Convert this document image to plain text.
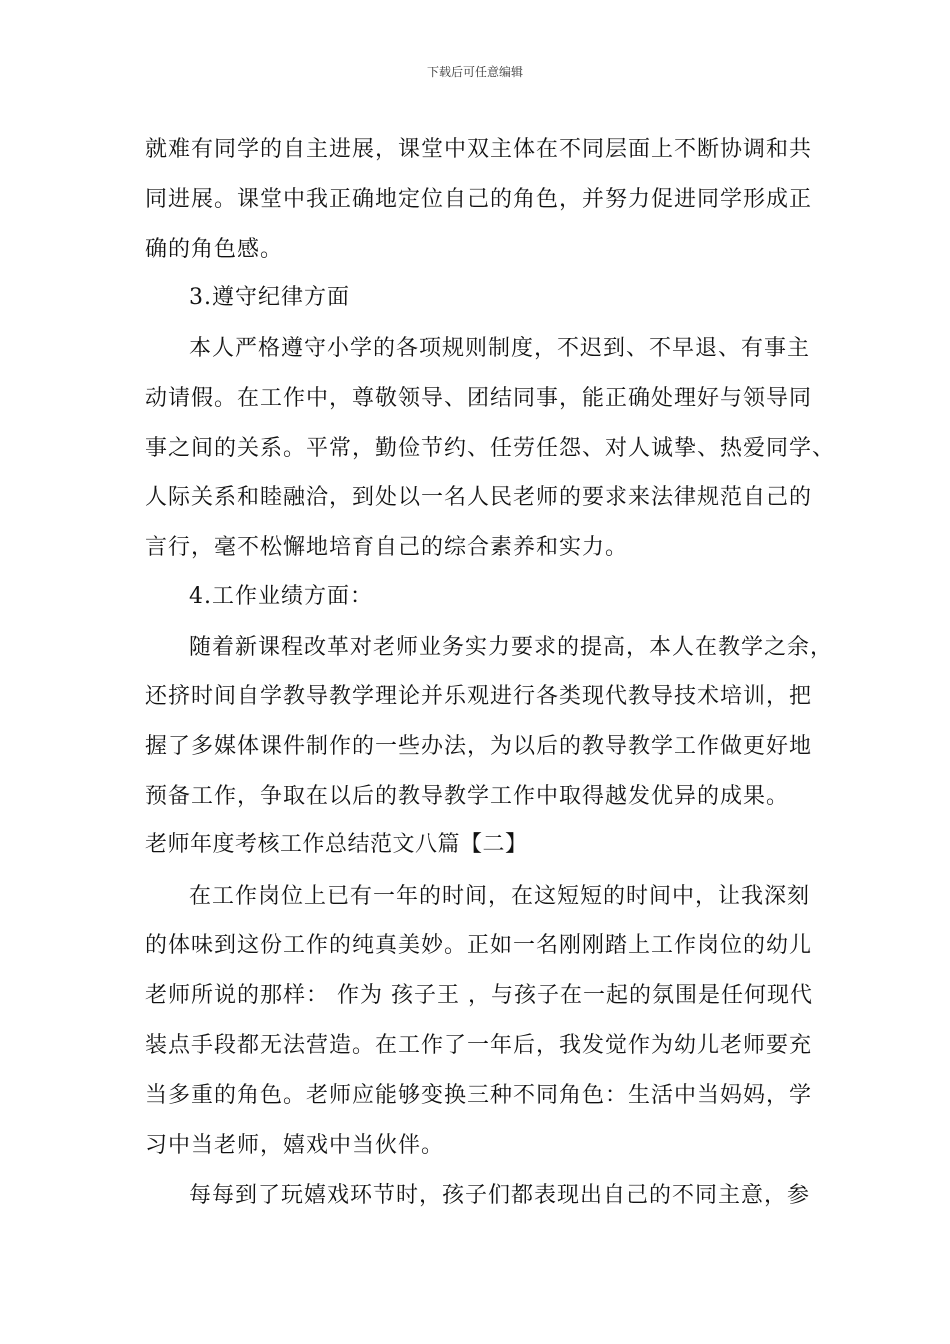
下载后可任意编辑
就难有同学的自主进展，课堂中双主体在不同层面上不断协调和共
同进展。课堂中我正确地定位自己的角色，并努力促进同学形成正
确的角色感。
3.遵守纪律方面
本人严格遵守小学的各项规则制度，不迟到、不早退、有事主
动请假。在工作中，尊敬领导、团结同事，能正确处理好与领导同
事之间的关系。平常，勤俭节约、任劳任怨、对人诚挚、热爱同学、
人际关系和睦融洽，到处以一名人民老师的要求来法律规范自己的
言行，毫不松懈地培育自己的综合素养和实力。
4.工作业绩方面：
随着新课程改革对老师业务实力要求的提高，本人在教学之余，
还挤时间自学教导教学理论并乐观进行各类现代教导技术培训，把
握了多媒体课件制作的一些办法，为以后的教导教学工作做更好地
预备工作，争取在以后的教导教学工作中取得越发优异的成果。
老师年度考核工作总结范文八篇【二】
在工作岗位上已有一年的时间，在这短短的时间中，让我深刻
的体味到这份工作的纯真美妙。正如一名刚刚踏上工作岗位的幼儿
老师所说的那样： 作为 孩子王 ，与孩子在一起的氛围是任何现代
装点手段都无法营造。在工作了一年后，我发觉作为幼儿老师要充
当多重的角色。老师应能够变换三种不同角色：生活中当妈妈，学
习中当老师，嬉戏中当伙伴。
每每到了玩嬉戏环节时，孩子们都表现出自己的不同主意，参
